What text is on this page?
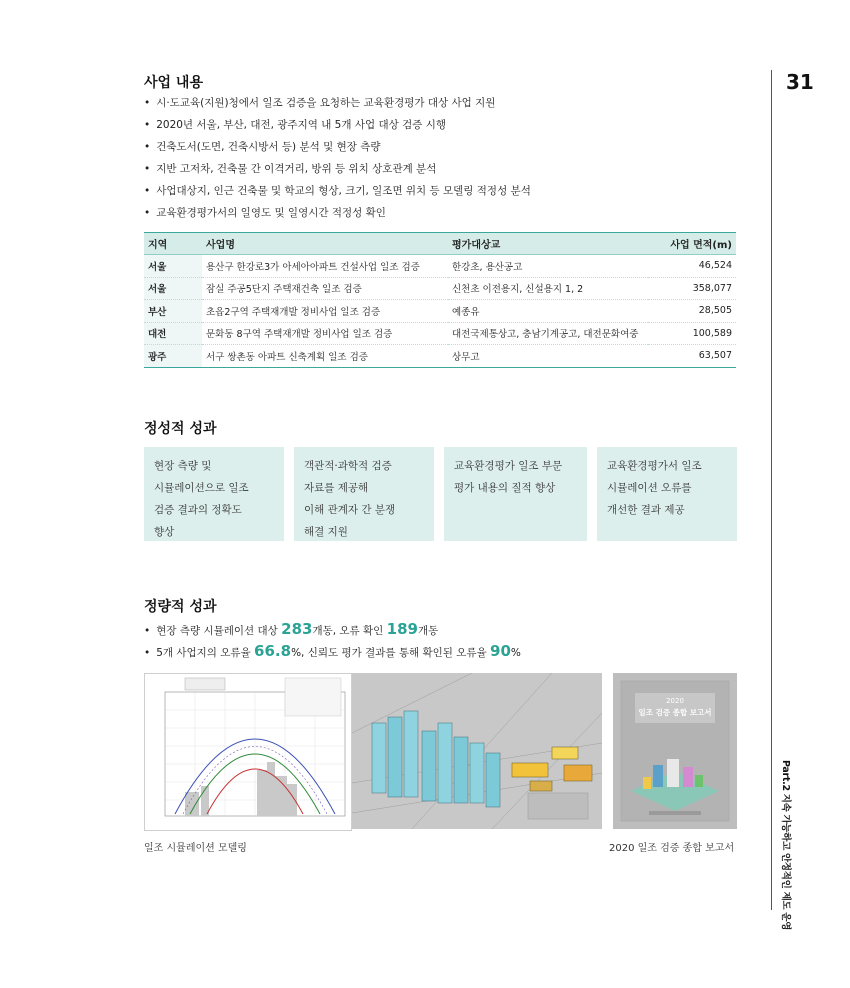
31
Part.2 지속 가능하고 안정적인 제도 운영
사업 내용
• 시·도교육(지원)청에서 일조 검증을 요청하는 교육환경평가 대상 사업 지원
• 2020년 서울, 부산, 대전, 광주지역 내 5개 사업 대상 검증 시행
• 건축도서(도면, 건축시방서 등) 분석 및 현장 측량
• 지반 고저차, 건축물 간 이격거리, 방위 등 위치 상호관계 분석
• 사업대상지, 인근 건축물 및 학교의 형상, 크기, 일조면 위치 등 모델링 적정성 분석
• 교육환경평가서의 일영도 및 일영시간 적정성 확인
지역	사업명	평가대상교	사업 면적(m)
서울	용산구 한강로3가 아세아아파트 건설사업 일조 검증	한강초, 용산공고	46,524
서울	잠실 주공5단지 주택재건축 일조 검증	신천초 이전용지, 신설용지 1, 2	358,077
부산	초읍2구역 주택재개발 정비사업 일조 검증	예종유	28,505
대전	문화동 8구역 주택재개발 정비사업 일조 검증	대전국제통상고, 충남기계공고, 대전문화여중	100,589
광주	서구 쌍촌동 아파트 신축계획 일조 검증	상무고	63,507
정성적 성과
현장 측량 및
시뮬레이션으로 일조
검증 결과의 정확도
향상
객관적·과학적 검증
자료를 제공해
이해 관계자 간 분쟁
해결 지원
교육환경평가 일조 부문
평가 내용의 질적 향상
교육환경평가서 일조
시뮬레이션 오류를
개선한 결과 제공
정량적 성과
• 현장 측량 시뮬레이션 대상 283개동, 오류 확인 189개동
• 5개 사업지의 오류율 66.8%, 신뢰도 평가 결과를 통해 확인된 오류율 90%
2020
일조 검증 종합 보고서
일조 시뮬레이션 모델링	2020 일조 검증 종합 보고서
